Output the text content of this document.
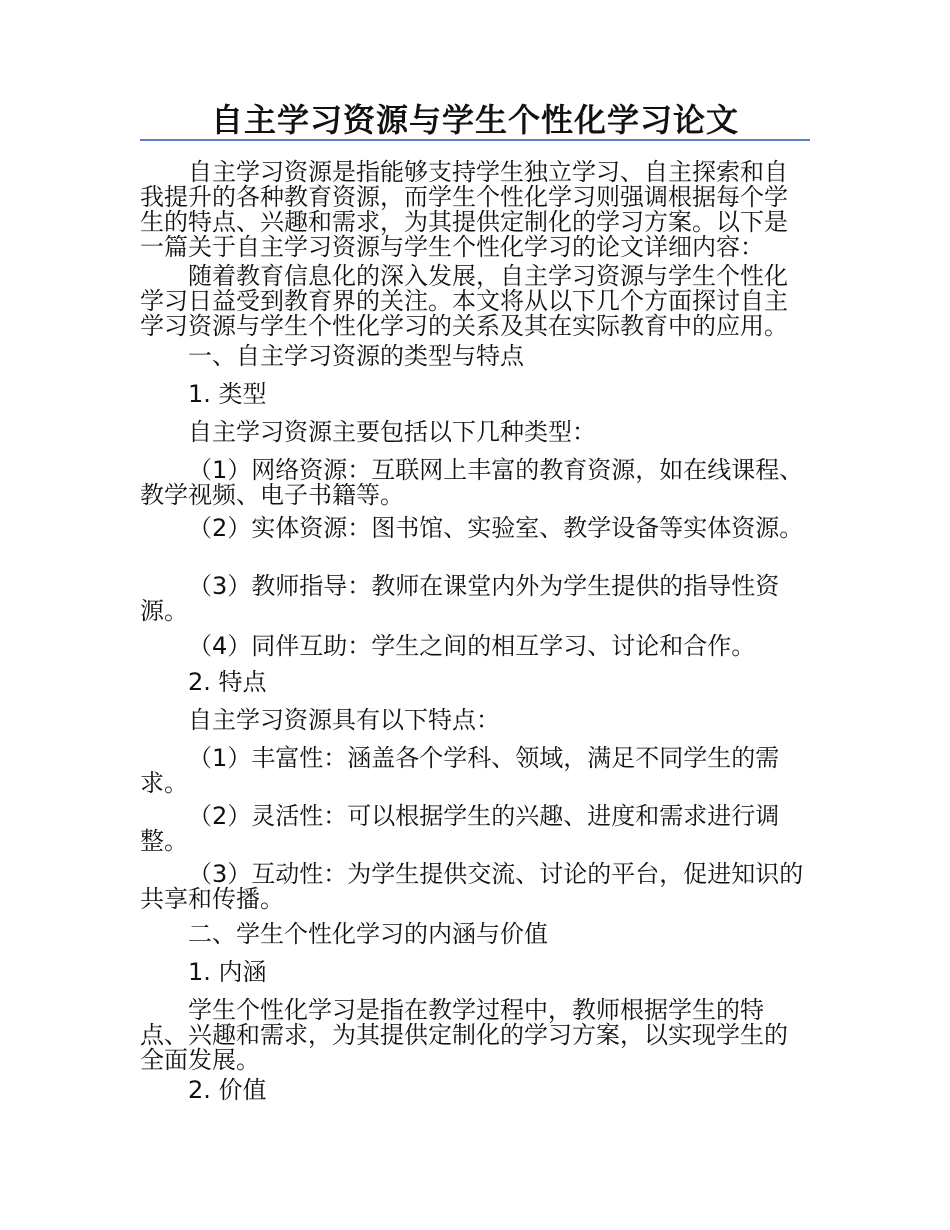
自主学习资源与学生个性化学习论文
自主学习资源是指能够支持学生独立学习、自主探索和自我提升的各种教育资源，而学生个性化学习则强调根据每个学生的特点、兴趣和需求，为其提供定制化的学习方案。以下是一篇关于自主学习资源与学生个性化学习的论文详细内容：
随着教育信息化的深入发展，自主学习资源与学生个性化学习日益受到教育界的关注。本文将从以下几个方面探讨自主学习资源与学生个性化学习的关系及其在实际教育中的应用。
一、自主学习资源的类型与特点
1. 类型
自主学习资源主要包括以下几种类型：
（1）网络资源：互联网上丰富的教育资源，如在线课程、教学视频、电子书籍等。
（2）实体资源：图书馆、实验室、教学设备等实体资源。
（3）教师指导：教师在课堂内外为学生提供的指导性资源。
（4）同伴互助：学生之间的相互学习、讨论和合作。
2. 特点
自主学习资源具有以下特点：
（1）丰富性：涵盖各个学科、领域，满足不同学生的需求。
（2）灵活性：可以根据学生的兴趣、进度和需求进行调整。
（3）互动性：为学生提供交流、讨论的平台，促进知识的共享和传播。
二、学生个性化学习的内涵与价值
1. 内涵
学生个性化学习是指在教学过程中，教师根据学生的特点、兴趣和需求，为其提供定制化的学习方案，以实现学生的全面发展。
2. 价值
